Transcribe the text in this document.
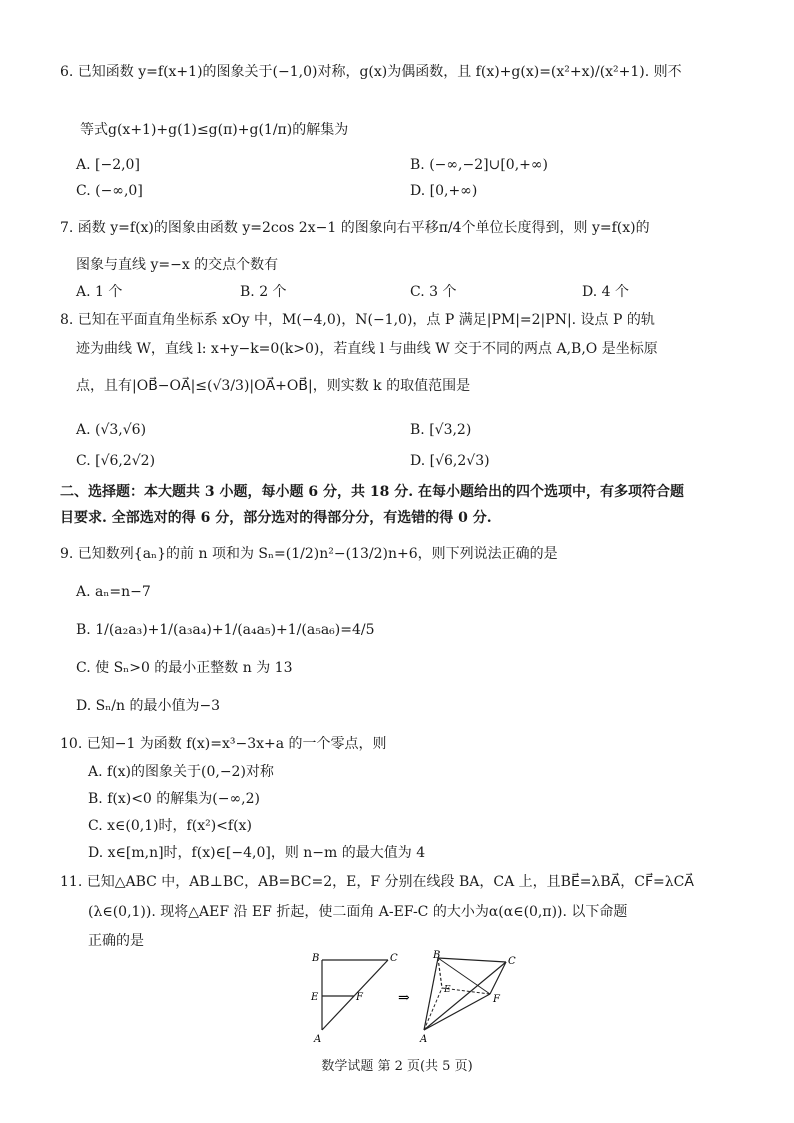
6. 已知函数 y=f(x+1)的图象关于(−1,0)对称，g(x)为偶函数，且 f(x)+g(x)=(x²+x)/(x²+1). 则不
等式g(x+1)+g(1)≤g(π)+g(1/π)的解集为
A. [−2,0]	B. (−∞,−2]∪[0,+∞)
C. (−∞,0]	D. [0,+∞)
7. 函数 y=f(x)的图象由函数 y=2cos 2x−1 的图象向右平移π/4个单位长度得到，则 y=f(x)的
图象与直线 y=−x 的交点个数有
A. 1 个	B. 2 个	C. 3 个	D. 4 个
8. 已知在平面直角坐标系 xOy 中，M(−4,0)，N(−1,0)，点 P 满足|PM|=2|PN|. 设点 P 的轨
迹为曲线 W，直线 l: x+y−k=0(k>0)，若直线 l 与曲线 W 交于不同的两点 A,B,O 是坐标原
点，且有|OB⃗−OA⃗|≤(√3/3)|OA⃗+OB⃗|，则实数 k 的取值范围是
A. (√3,√6)	B. [√3,2)
C. [√6,2√2)	D. [√6,2√3)
二、选择题：本大题共 3 小题，每小题 6 分，共 18 分. 在每小题给出的四个选项中，有多项符合题
目要求. 全部选对的得 6 分，部分选对的得部分分，有选错的得 0 分.
9. 已知数列{aₙ}的前 n 项和为 Sₙ=(1/2)n²−(13/2)n+6，则下列说法正确的是
A. aₙ=n−7
B. 1/(a₂a₃)+1/(a₃a₄)+1/(a₄a₅)+1/(a₅a₆)=4/5
C. 使 Sₙ>0 的最小正整数 n 为 13
D. Sₙ/n 的最小值为−3
10. 已知−1 为函数 f(x)=x³−3x+a 的一个零点，则
A. f(x)的图象关于(0,−2)对称
B. f(x)<0 的解集为(−∞,2)
C. x∈(0,1)时，f(x²)<f(x)
D. x∈[m,n]时，f(x)∈[−4,0]，则 n−m 的最大值为 4
11. 已知△ABC 中，AB⊥BC，AB=BC=2，E，F 分别在线段 BA，CA 上，且BE⃗=λBA⃗，CF⃗=λCA⃗
(λ∈(0,1)). 现将△AEF 沿 EF 折起，使二面角 A-EF-C 的大小为α(α∈(0,π)). 以下命题
正确的是
B	C
E	F
A
⇒
B
C
E
F
A
数学试题 第 2 页(共 5 页)
